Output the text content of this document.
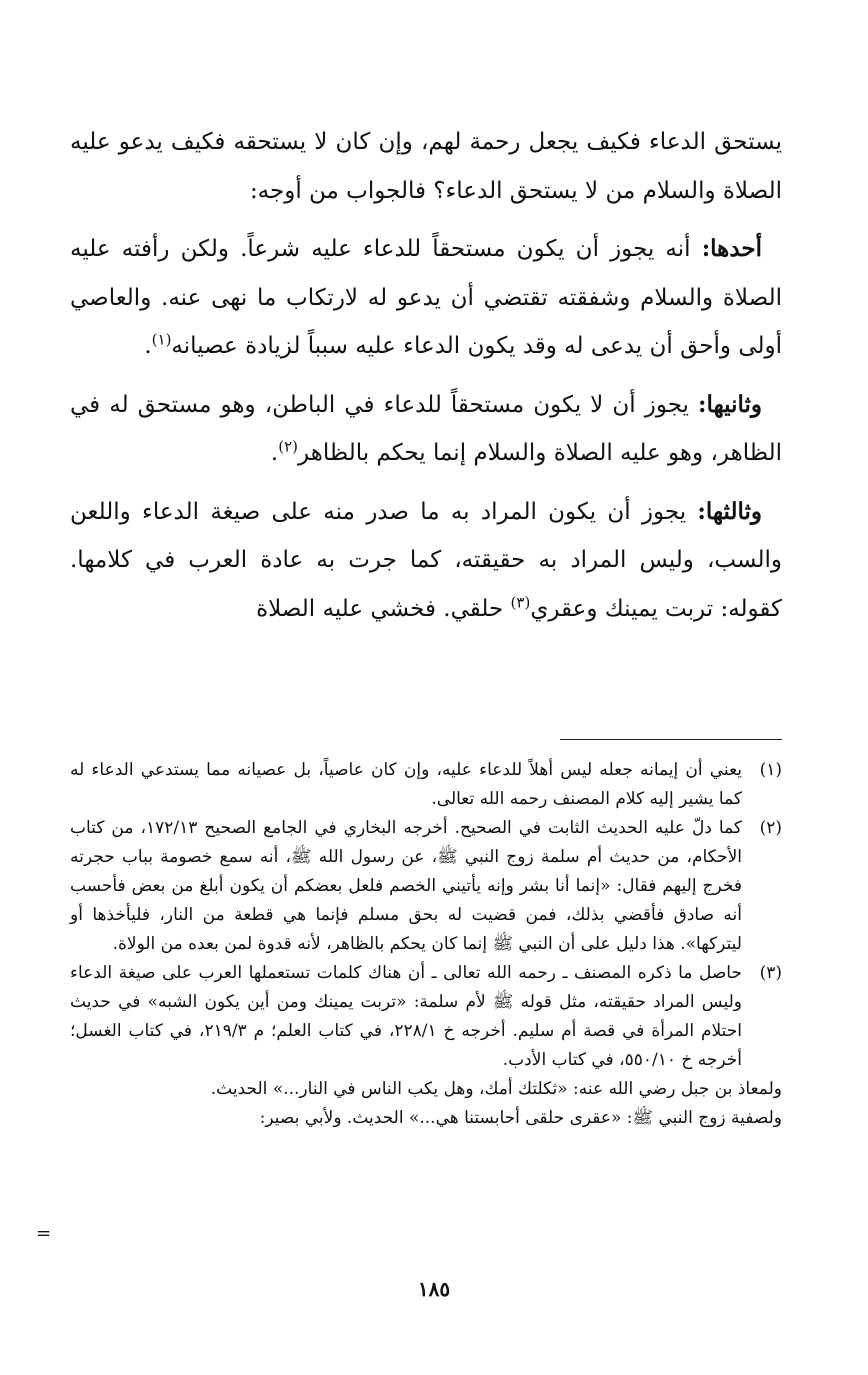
يستحق الدعاء فكيف يجعل رحمة لهم، وإن كان لا يستحقه فكيف يدعو عليه الصلاة والسلام من لا يستحق الدعاء؟ فالجواب من أوجه:

أحدها: أنه يجوز أن يكون مستحقاً للدعاء عليه شرعاً. ولكن رأفته عليه الصلاة والسلام وشفقته تقتضي أن يدعو له لارتكاب ما نهى عنه. والعاصي أولى وأحق أن يدعى له وقد يكون الدعاء عليه سبباً لزيادة عصيانه$^{(١)}$.

وثانيها: يجوز أن لا يكون مستحقاً للدعاء في الباطن، وهو مستحق له في الظاهر، وهو عليه الصلاة والسلام إنما يحكم بالظاهر$^{(٢)}$.

وثالثها: يجوز أن يكون المراد به ما صدر منه على صيغة الدعاء واللعن والسب، وليس المراد به حقيقته، كما جرت به عادة العرب في كلامها. كقوله: تربت يمينك وعقري$^{(٣)}$ حلقي. فخشي عليه الصلاة

(١)
يعني أن إيمانه جعله ليس أهلاً للدعاء عليه، وإن كان عاصياً، بل عصيانه مما يستدعي الدعاء له كما يشير إليه كلام المصنف رحمه الله تعالى.
(٢)
كما دلّ عليه الحديث الثابت في الصحيح. أخرجه البخاري في الجامع الصحيح ١٧٢/١٣، من كتاب الأحكام، من حديث أم سلمة زوج النبي ﷺ، عن رسول الله ﷺ، أنه سمع خصومة بباب حجرته فخرج إليهم فقال: «إنما أنا بشر وإنه يأتيني الخصم فلعل بعضكم أن يكون أبلغ من بعض فأحسب أنه صادق فأقضي بذلك، فمن قضيت له بحق مسلم فإنما هي قطعة من النار، فليأخذها أو ليتركها». هذا دليل على أن النبي ﷺ إنما كان يحكم بالظاهر، لأنه قدوة لمن بعده من الولاة.
(٣)
حاصل ما ذكره المصنف ـ رحمه الله تعالى ـ أن هناك كلمات تستعملها العرب على صيغة الدعاء وليس المراد حقيقته، مثل قوله ﷺ لأم سلمة: «تربت يمينك ومن أين يكون الشبه» في حديث احتلام المرأة في قصة أم سليم. أخرجه خ ٢٢٨/١، في كتاب العلم؛ م ٢١٩/٣، في كتاب الغسل؛ أخرجه خ ٥٥٠/١٠، في كتاب الأدب.

ولمعاذ بن جبل رضي الله عنه: «ثكلتك أمك، وهل يكب الناس في النار...» الحديث.

ولصفية زوج النبي ﷺ: «عقرى حلقى أحابستنا هي...» الحديث. ولأبي بصير:

=
١٨٥
